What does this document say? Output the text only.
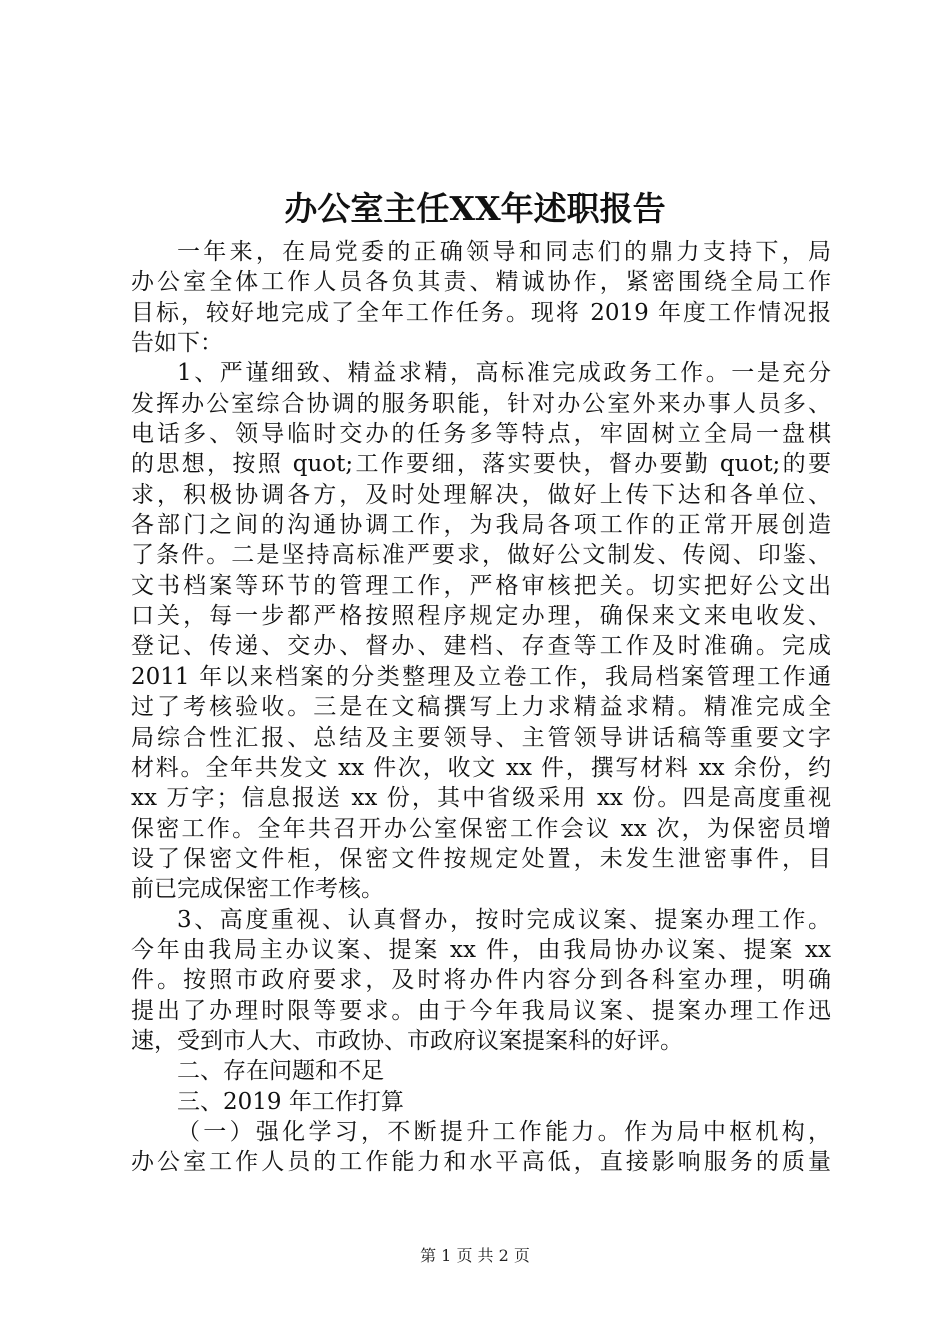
办公室主任XX年述职报告
一年来，在局党委的正确领导和同志们的鼎力支持下，局
办公室全体工作人员各负其责、精诚协作，紧密围绕全局工作
目标，较好地完成了全年工作任务。现将 2019 年度工作情况报
告如下：
1、严谨细致、精益求精，高标准完成政务工作。一是充分
发挥办公室综合协调的服务职能，针对办公室外来办事人员多、
电话多、领导临时交办的任务多等特点，牢固树立全局一盘棋
的思想，按照 quot;工作要细，落实要快，督办要勤 quot;的要
求，积极协调各方，及时处理解决，做好上传下达和各单位、
各部门之间的沟通协调工作，为我局各项工作的正常开展创造
了条件。二是坚持高标准严要求，做好公文制发、传阅、印鉴、
文书档案等环节的管理工作，严格审核把关。切实把好公文出
口关，每一步都严格按照程序规定办理，确保来文来电收发、
登记、传递、交办、督办、建档、存查等工作及时准确。完成
2011 年以来档案的分类整理及立卷工作，我局档案管理工作通
过了考核验收。三是在文稿撰写上力求精益求精。精准完成全
局综合性汇报、总结及主要领导、主管领导讲话稿等重要文字
材料。全年共发文 xx 件次，收文 xx 件，撰写材料 xx 余份，约
xx 万字；信息报送 xx 份，其中省级采用 xx 份。四是高度重视
保密工作。全年共召开办公室保密工作会议 xx 次，为保密员增
设了保密文件柜，保密文件按规定处置，未发生泄密事件，目
前已完成保密工作考核。
3、高度重视、认真督办，按时完成议案、提案办理工作。
今年由我局主办议案、提案 xx 件，由我局协办议案、提案 xx
件。按照市政府要求，及时将办件内容分到各科室办理，明确
提出了办理时限等要求。由于今年我局议案、提案办理工作迅
速，受到市人大、市政协、市政府议案提案科的好评。
二、存在问题和不足
三、2019 年工作打算
（一）强化学习，不断提升工作能力。作为局中枢机构，
办公室工作人员的工作能力和水平高低，直接影响服务的质量
第 1 页 共 2 页
